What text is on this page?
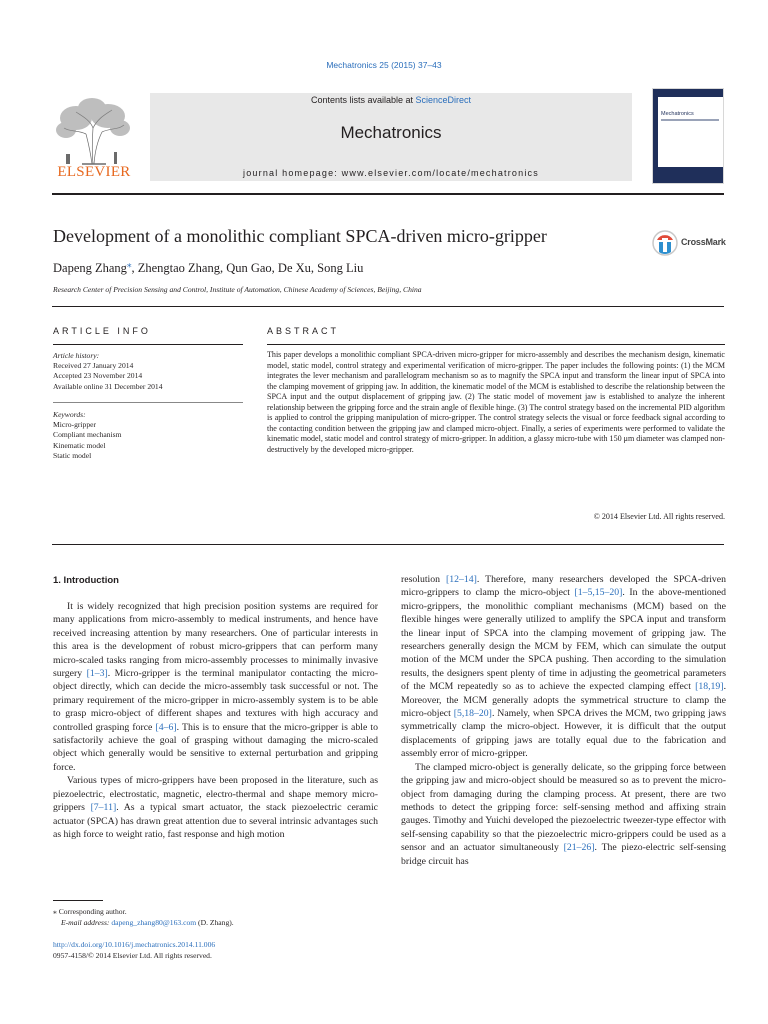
Mechatronics 25 (2015) 37–43
ELSEVIER
Contents lists available at ScienceDirect
Mechatronics
journal homepage: www.elsevier.com/locate/mechatronics
Mechatronics
Development of a monolithic compliant SPCA-driven micro-gripper	CrossMark
Dapeng Zhang⁎, Zhengtao Zhang, Qun Gao, De Xu, Song Liu
Research Center of Precision Sensing and Control, Institute of Automation, Chinese Academy of Sciences, Beijing, China
ARTICLE INFO
Article history:
Received 27 January 2014
Accepted 23 November 2014
Available online 31 December 2014
Keywords:
Micro-gripper
Compliant mechanism
Kinematic model
Static model
ABSTRACT
This paper develops a monolithic compliant SPCA-driven micro-gripper for micro-assembly and describes the mechanism design, kinematic model, static model, control strategy and experimental verification of micro-gripper. The paper includes the following points: (1) the MCM integrates the lever mechanism and parallelogram mechanism so as to magnify the SPCA input and transform the linear input of SPCA into the clamping movement of gripping jaw. In addition, the kinematic model of the MCM is established to describe the relationship between the SPCA input and the output displacement of gripping jaw. (2) The static model of movement jaw is established to analyze the inherent relationship between the gripping force and the strain angle of flexible hinge. (3) The control strategy based on the incremental PID algorithm is applied to control the gripping manipulation of micro-gripper. The control strategy selects the visual or force feedback signal according to the contacting condition between the gripping jaw and clamped micro-object. Finally, a series of experiments were performed to validate the kinematic model, static model and control strategy of micro-gripper. In addition, a glassy micro-tube with 150 μm diameter was clamped non-destructively by the developed micro-gripper.
© 2014 Elsevier Ltd. All rights reserved.
1. Introduction

It is widely recognized that high precision position systems are required for many applications from micro-assembly to medical instruments, and hence have received increasing attention by many researchers. One of particular interests in this area is the development of robust micro-grippers that can perform many micro-scaled tasks ranging from micro-assembly processes to minimally invasive surgery [1–3]. Micro-gripper is the terminal manipulator contacting the micro-object directly, which can decide the micro-assembly task successful or not. The primary requirement of the micro-gripper in micro-assembly system is to be able to grasp micro-object of different shapes and textures with high accuracy and controlled grasping force [4–6]. This is to ensure that the micro-gripper is able to satisfactorily achieve the goal of grasping without damaging the micro-scaled object which generally would be sensitive to external perturbation and gripping force.

Various types of micro-grippers have been proposed in the literature, such as piezoelectric, electrostatic, magnetic, electro-thermal and shape memory micro-grippers [7–11]. As a typical smart actuator, the stack piezoelectric ceramic actuator (SPCA) has drawn great attention due to several intrinsic advantages such as high force to weight ratio, fast response and high motion

resolution [12–14]. Therefore, many researchers developed the SPCA-driven micro-grippers to clamp the micro-object [1–5,15–20]. In the above-mentioned micro-grippers, the monolithic compliant mechanisms (MCM) based on the flexible hinges were generally utilized to amplify the SPCA input and transform the linear input of SPCA into the clamping movement of gripping jaw. The researchers generally design the MCM by FEM, which can simulate the output motion of the MCM under the SPCA pushing. Then according to the simulation results, the designers spent plenty of time in adjusting the geometrical parameters of the MCM repeatedly so as to achieve the expected clamping effect [18,19]. Moreover, the MCM generally adopts the symmetrical structure to clamp the micro-object [5,18–20]. Namely, when SPCA drives the MCM, two gripping jaws symmetrically clamp the micro-object. However, it is difficult that the output displacements of gripping jaws are totally equal due to the fabrication and assembly error of micro-gripper.

The clamped micro-object is generally delicate, so the gripping force between the gripping jaw and micro-object should be measured so as to prevent the micro-object from damaging during the clamping process. At present, there are two methods to detect the gripping force: self-sensing method and affixing strain gauges. Timothy and Yuichi developed the piezoelectric tweezer-type effector with self-sensing capability so that the piezoelectric micro-grippers could be used as a sensor and an actuator simultaneously [21–26]. The piezo-electric self-sensing bridge circuit has

⁎ Corresponding author.
E-mail address: dapeng_zhang80@163.com (D. Zhang).
http://dx.doi.org/10.1016/j.mechatronics.2014.11.006
0957-4158/© 2014 Elsevier Ltd. All rights reserved.
